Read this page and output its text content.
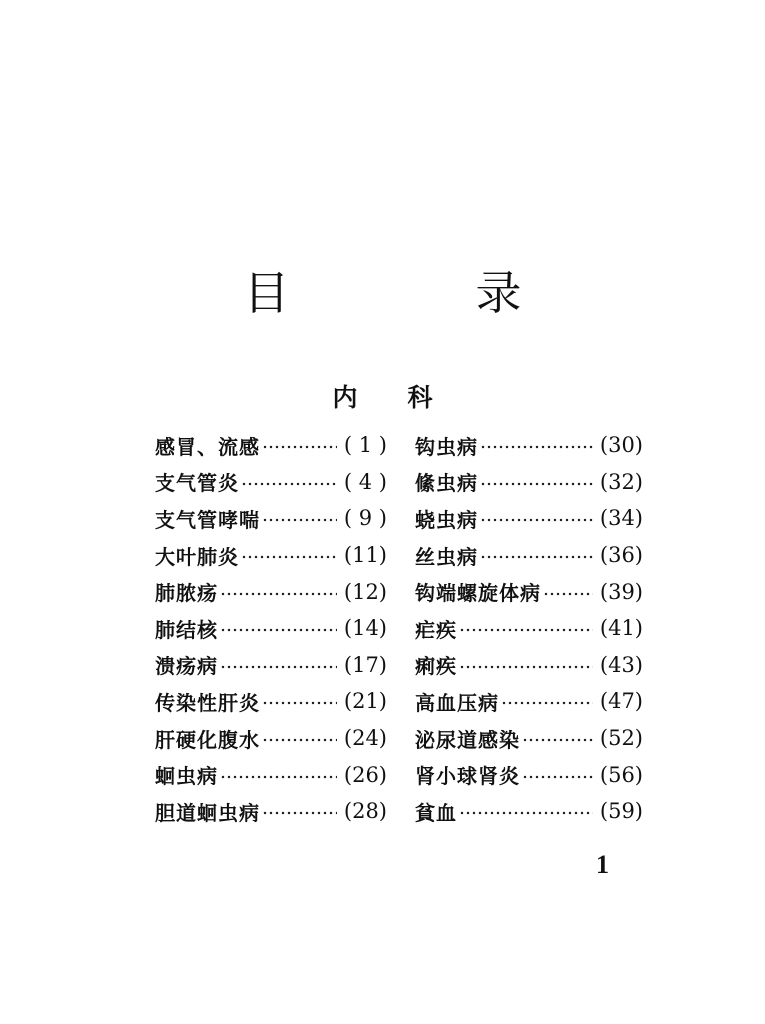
目　录
内科
感冒、流感	( 1 )
支气管炎	( 4 )
支气管哮喘	( 9 )
大叶肺炎	(11)
肺脓疡	(12)
肺结核	(14)
溃疡病	(17)
传染性肝炎	(21)
肝硬化腹水	(24)
蛔虫病	(26)
胆道蛔虫病	(28)
钩虫病	(30)
絛虫病	(32)
蛲虫病	(34)
丝虫病	(36)
钩端螺旋体病	(39)
疟疾	(41)
痢疾	(43)
高血压病	(47)
泌尿道感染	(52)
肾小球肾炎	(56)
貧血	(59)
1
